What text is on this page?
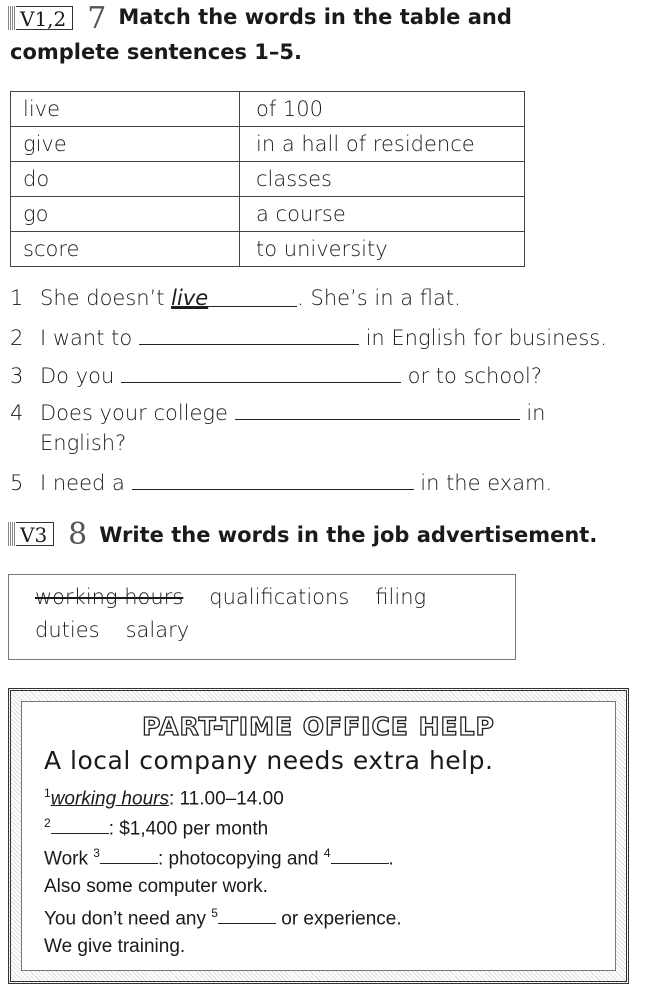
V1,2 7 Match the words in the table and
complete sentences 1–5.
live	of 100
give	in a hall of residence
do	classes
go	a course
score	to university
1 She doesn’t live	. She’s in a flat.
2 I want to	in English for business.
3 Do you	or to school?
4 Does your college	in
English?
5 I need a	in the exam.
V3 8 Write the words in the job advertisement.
working hours qualifications filing
duties salary
PART-TIME OFFICE HELP
A local company needs extra help.
$^1$working hours: 11.00–14.00
$^2$	: $1,400 per month
Work $^3$	: photocopying and $^4$	.
Also some computer work.
You don’t need any $^5$	or experience.
We give training.
